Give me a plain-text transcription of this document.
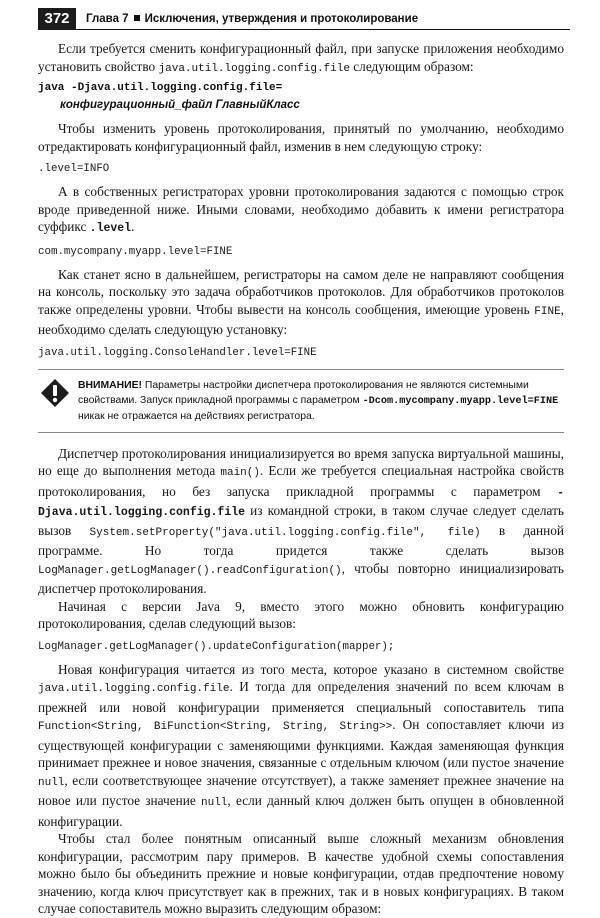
372	Глава 7 Исключения, утверждения и протоколирование

Если требуется сменить конфигурационный файл, при запуске приложения необходимо установить свойство java.util.logging.config.file следующим образом:

java -Djava.util.logging.config.file=
конфигурационный_файл ГлавныйКласс

Чтобы изменить уровень протоколирования, принятый по умолчанию, необходимо отредактировать конфигурационный файл, изменив в нем следующую строку:

.level=INFO

А в собственных регистраторах уровни протоколирования задаются с помощью строк вроде приведенной ниже. Иными словами, необходимо добавить к имени регистратора суффикс .level.

com.mycompany.myapp.level=FINE

Как станет ясно в дальнейшем, регистраторы на самом деле не направляют сообщения на консоль, поскольку это задача обработчиков протоколов. Для обработчиков протоколов также определены уровни. Чтобы вывести на консоль сообщения, имеющие уровень FINE, необходимо сделать следующую установку:

java.util.logging.ConsoleHandler.level=FINE
ВНИМАНИЕ! Параметры настройки диспетчера протоколирования не являются системными свойствами. Запуск прикладной программы с параметром -Dcom.mycompany.myapp.level=FINE никак не отражается на действиях регистратора.

Диспетчер протоколирования инициализируется во время запуска виртуальной машины, но еще до выполнения метода main(). Если же требуется специальная настройка свойств протоколирования, но без запуска прикладной программы с параметром -Djava.util.logging.config.file из командной строки, в таком случае следует сделать вызов System.setProperty("java.util.logging.config.file", file) в данной программе. Но тогда придется также сделать вызов LogManager.getLogManager().readConfiguration(), чтобы повторно инициализировать диспетчер протоколирования.

Начиная с версии Java 9, вместо этого можно обновить конфигурацию протоколирования, сделав следующий вызов:

LogManager.getLogManager().updateConfiguration(mapper);

Новая конфигурация читается из того места, которое указано в системном свойстве java.util.logging.config.file. И тогда для определения значений по всем ключам в прежней или новой конфигурации применяется специальный сопоставитель типа Function<String, BiFunction<String, String, String>>. Он сопоставляет ключи из существующей конфигурации с заменяющими функциями. Каждая заменяющая функция принимает прежнее и новое значения, связанные с отдельным ключом (или пустое значение null, если соответствующее значение отсутствует), а также заменяет прежнее значение на новое или пустое значение null, если данный ключ должен быть опущен в обновленной конфигурации.

Чтобы стал более понятным описанный выше сложный механизм обновления конфигурации, рассмотрим пару примеров. В качестве удобной схемы сопоставления можно было бы объединить прежние и новые конфигурации, отдав предпочтение новому значению, когда ключ присутствует как в прежних, так и в новых конфигурациях. В таком случае сопоставитель можно выразить следующим образом:
